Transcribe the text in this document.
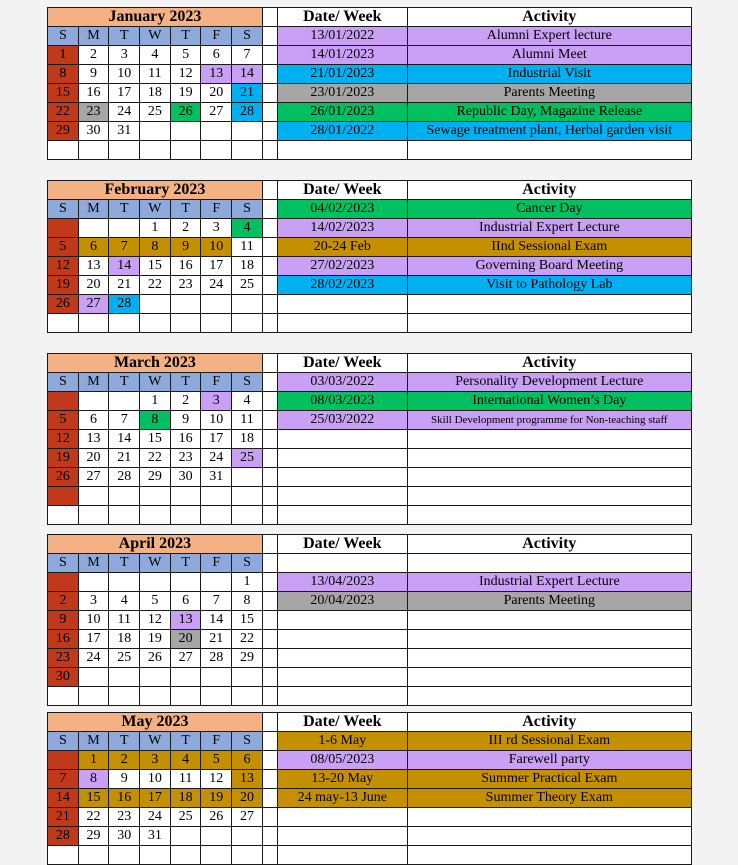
January 2023								Date/ Week	Activity
S	M	T	W	T	F	S		13/01/2022	Alumni Expert lecture
1	2	3	4	5	6	7		14/01/2023	Alumni Meet
8	9	10	11	12	13	14		21/01/2023	Industrial Visit
15	16	17	18	19	20	21		23/01/2023	Parents Meeting
22	23	24	25	26	27	28		26/01/2023	Republic Day, Magazine Release
29	30	31						28/01/2022	Sewage treatment plant, Herbal garden visit

February 2023								Date/ Week	Activity
S	M	T	W	T	F	S		04/02/2023	Cancer Day
			1	2	3	4		14/02/2023	Industrial Expert Lecture
5	6	7	8	9	10	11		20-24 Feb	IInd Sessional Exam
12	13	14	15	16	17	18		27/02/2023	Governing Board Meeting
19	20	21	22	23	24	25		28/02/2023	Visit to Pathology Lab
26	27	28							

March 2023								Date/ Week	Activity
S	M	T	W	T	F	S		03/03/2022	Personality Development Lecture
			1	2	3	4		08/03/2023	International Women’s Day
5	6	7	8	9	10	11		25/03/2022	Skill Development programme for Non-teaching staff
12	13	14	15	16	17	18			
19	20	21	22	23	24	25			
26	27	28	29	30	31				

April 2023								Date/ Week	Activity
S	M	T	W	T	F	S			
						1		13/04/2023	Industrial Expert Lecture
2	3	4	5	6	7	8		20/04/2023	Parents Meeting
9	10	11	12	13	14	15			
16	17	18	19	20	21	22			
23	24	25	26	27	28	29			
30									

May 2023								Date/ Week	Activity
S	M	T	W	T	F	S		1-6 May	III rd Sessional Exam
	1	2	3	4	5	6		08/05/2023	Farewell party
7	8	9	10	11	12	13		13-20 May	Summer Practical Exam
14	15	16	17	18	19	20		24 may-13 June	Summer Theory Exam
21	22	23	24	25	26	27			
28	29	30	31						
